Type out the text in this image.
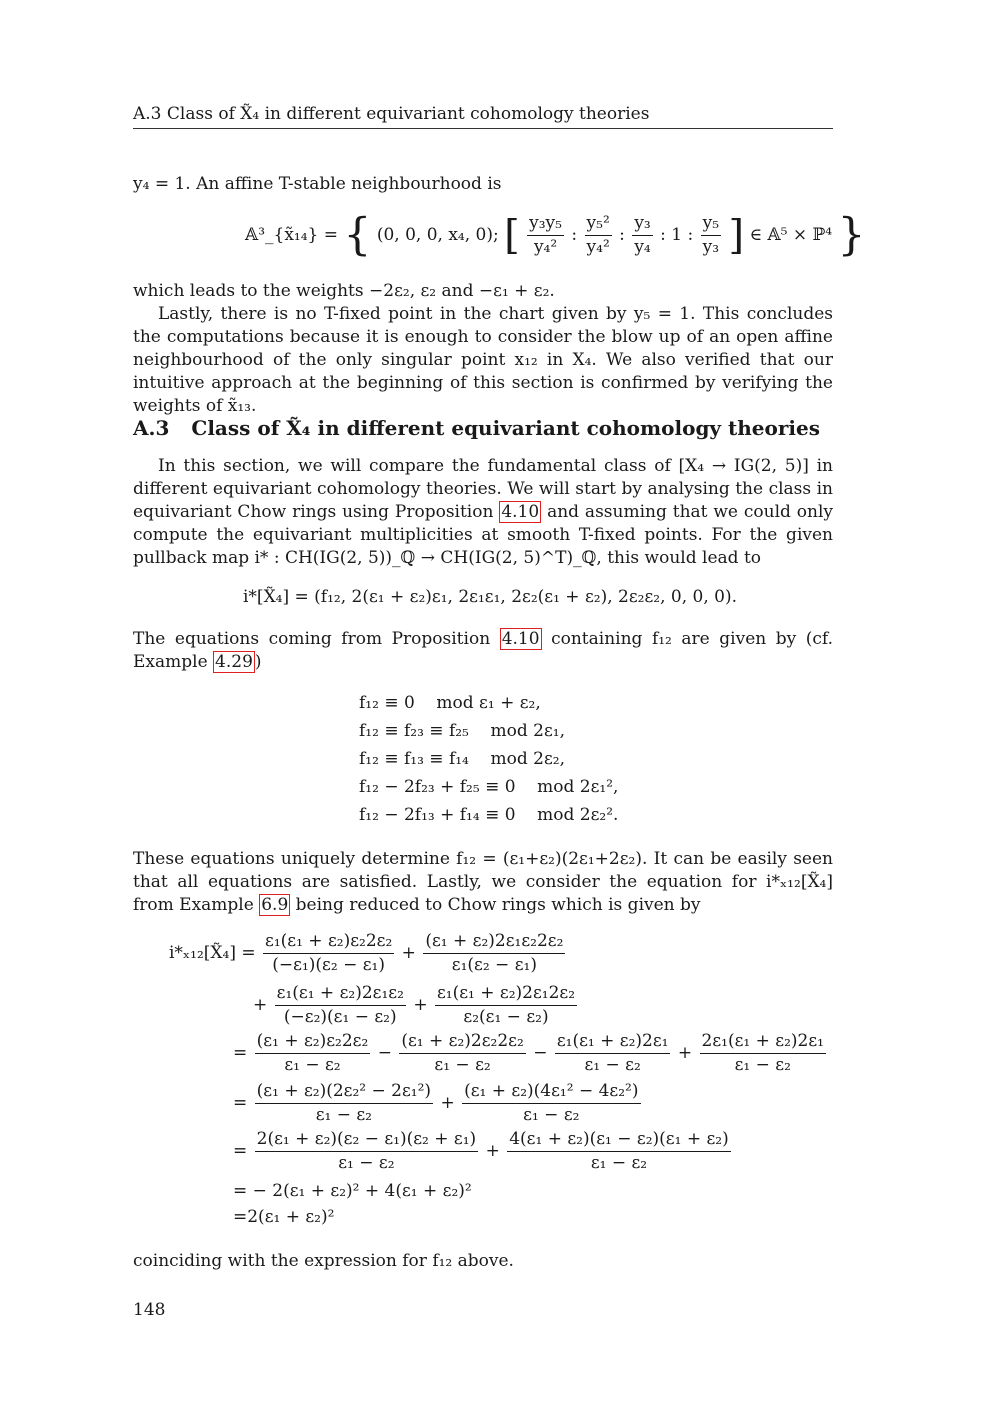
A.3 Class of X̃₄ in different equivariant cohomology theories
y₄ = 1. An affine T-stable neighbourhood is
𝔸³_{x̃₁₄} = { (0, 0, 0, x₄, 0); [ $\frac{\text{y₃y₅}}{\text{y₄²}}$ : $\frac{\text{y₅²}}{\text{y₄²}}$ : $\frac{\text{y₃}}{\text{y₄}}$ : 1 : $\frac{\text{y₅}}{\text{y₃}}$ ] ∈ 𝔸⁵ × ℙ⁴ }
which leads to the weights −2ε₂, ε₂ and −ε₁ + ε₂.
Lastly, there is no T-fixed point in the chart given by y₅ = 1. This concludes the computations because it is enough to consider the blow up of an open affine neighbourhood of the only singular point x₁₂ in X₄. We also verified that our intuitive approach at the beginning of this section is confirmed by verifying the weights of x̃₁₃.
A.3 Class of X̃₄ in different equivariant cohomology theories
In this section, we will compare the fundamental class of [X₄ → IG(2, 5)] in different equivariant cohomology theories. We will start by analysing the class in equivariant Chow rings using Proposition 4.10 and assuming that we could only compute the equivariant multiplicities at smooth T-fixed points. For the given pullback map i* : CH(IG(2, 5))_ℚ → CH(IG(2, 5)^T)_ℚ, this would lead to
i*[X̃₄] = (f₁₂, 2(ε₁ + ε₂)ε₁, 2ε₁ε₁, 2ε₂(ε₁ + ε₂), 2ε₂ε₂, 0, 0, 0).
The equations coming from Proposition 4.10 containing f₁₂ are given by (cf. Example 4.29 )
f₁₂ ≡ 0    mod ε₁ + ε₂,
f₁₂ ≡ f₂₃ ≡ f₂₅    mod 2ε₁,
f₁₂ ≡ f₁₃ ≡ f₁₄    mod 2ε₂,
f₁₂ − 2f₂₃ + f₂₅ ≡ 0    mod 2ε₁²,
f₁₂ − 2f₁₃ + f₁₄ ≡ 0    mod 2ε₂².
These equations uniquely determine f₁₂ = (ε₁+ε₂)(2ε₁+2ε₂). It can be easily seen that all equations are satisfied. Lastly, we consider the equation for i*ₓ₁₂[X̃₄] from Example 6.9 being reduced to Chow rings which is given by
i*ₓ₁₂[X̃₄] = $\frac{\text{ε₁(ε₁ + ε₂)ε₂2ε₂}}{\text{(−ε₁)(ε₂ − ε₁)}} + \frac{\text{(ε₁ + ε₂)2ε₁ε₂2ε₂}}{\text{ε₁(ε₂ − ε₁)}}$
+ $\frac{\text{ε₁(ε₁ + ε₂)2ε₁ε₂}}{\text{(−ε₂)(ε₁ − ε₂)}} + \frac{\text{ε₁(ε₁ + ε₂)2ε₁2ε₂}}{\text{ε₂(ε₁ − ε₂)}}$
= $\frac{\text{(ε₁ + ε₂)ε₂2ε₂}}{\text{ε₁ − ε₂}} - \frac{\text{(ε₁ + ε₂)2ε₂2ε₂}}{\text{ε₁ − ε₂}} - \frac{\text{ε₁(ε₁ + ε₂)2ε₁}}{\text{ε₁ − ε₂}} + \frac{\text{2ε₁(ε₁ + ε₂)2ε₁}}{\text{ε₁ − ε₂}}$
= $\frac{\text{(ε₁ + ε₂)(2ε₂² − 2ε₁²)}}{\text{ε₁ − ε₂}} + \frac{\text{(ε₁ + ε₂)(4ε₁² − 4ε₂²)}}{\text{ε₁ − ε₂}}$
= $\frac{\text{2(ε₁ + ε₂)(ε₂ − ε₁)(ε₂ + ε₁)}}{\text{ε₁ − ε₂}} + \frac{\text{4(ε₁ + ε₂)(ε₁ − ε₂)(ε₁ + ε₂)}}{\text{ε₁ − ε₂}}$
= − 2(ε₁ + ε₂)² + 4(ε₁ + ε₂)²
=2(ε₁ + ε₂)²
coinciding with the expression for f₁₂ above.
148
